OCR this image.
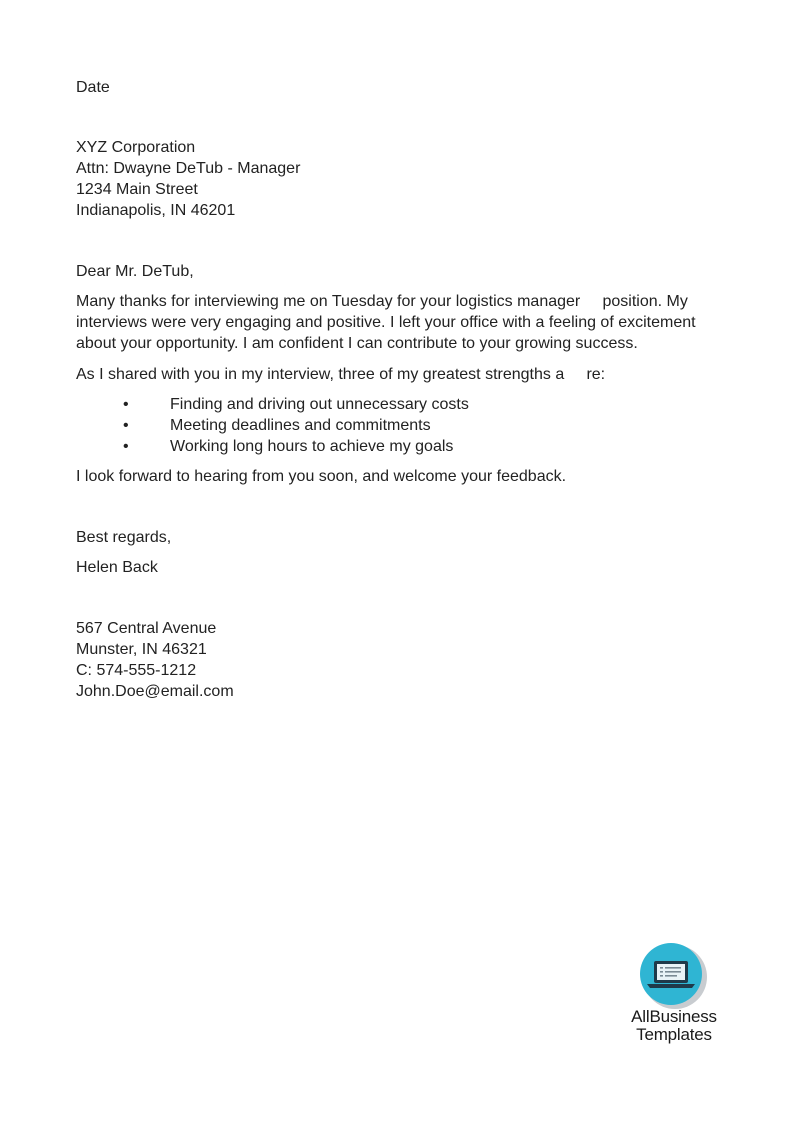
Date
XYZ Corporation
Attn: Dwayne DeTub - Manager
1234 Main Street
Indianapolis, IN 46201
Dear Mr. DeTub,
Many thanks for interviewing me on Tuesday for your logistics manager     position. My
interviews were very engaging and positive. I left your office with a feeling of excitement
about your opportunity. I am confident I can contribute to your growing success.
As I shared with you in my interview, three of my greatest strengths a     re:
•	Finding and driving out unnecessary costs
•	Meeting deadlines and commitments
•	Working long hours to achieve my goals
I look forward to hearing from you soon, and welcome your feedback.
Best regards,
Helen Back
567 Central Avenue
Munster, IN 46321
C: 574-555-1212
John.Doe@email.com
AllBusiness
Templates
